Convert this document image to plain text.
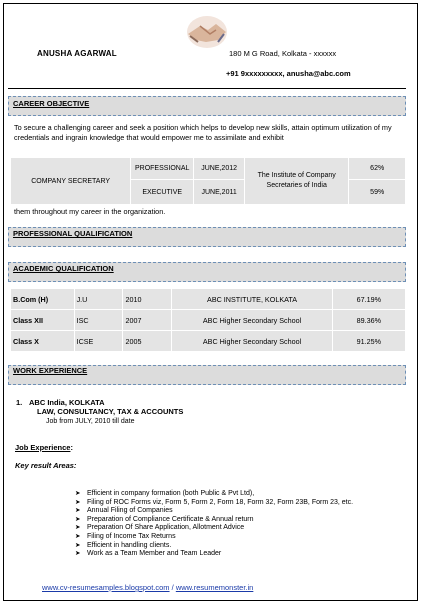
ANUSHA AGARWAL	180 M G Road, Kolkata - xxxxxx
+91 9xxxxxxxxx, anusha@abc.com
CAREER OBJECTIVE
To secure a challenging career and seek a position which helps to develop new skills, attain optimum utilization of my credentials and ingrain knowledge that would empower me to assimilate and exhibit
COMPANY SECRETARY	PROFESSIONAL	JUNE,2012	The Institute of Company Secretaries of India	62%
	EXECUTIVE	JUNE,2011		59%
them throughout my career in the organization.
PROFESSIONAL QUALIFICATION
ACADEMIC QUALIFICATION
B.Com (H)	J.U	2010	ABC INSTITUTE, KOLKATA	67.19%
Class XII	ISC	2007	ABC Higher Secondary School	89.36%
Class X	ICSE	2005	ABC Higher Secondary School	91.25%
WORK EXPERIENCE
1. ABC India, KOLKATA
LAW, CONSULTANCY, TAX & ACCOUNTS
Job from JULY, 2010 till date
Job Experience:
Key result Areas:
➤ Efficient in company formation (both Public & Pvt Ltd),
➤ Filing of ROC Forms viz, Form 5, Form 2, Form 18, Form 32, Form 23B, Form 23, etc.
➤ Annual Filing of Companies
➤ Preparation of Compliance Certificate & Annual return
➤ Preparation Of Share Application, Allotment Advice
➤ Filing of Income Tax Returns
➤ Efficient in handling clients.
➤ Work as a Team Member and Team Leader
www.cv-resumesamples.blogspot.com / www.resumemonster.in
